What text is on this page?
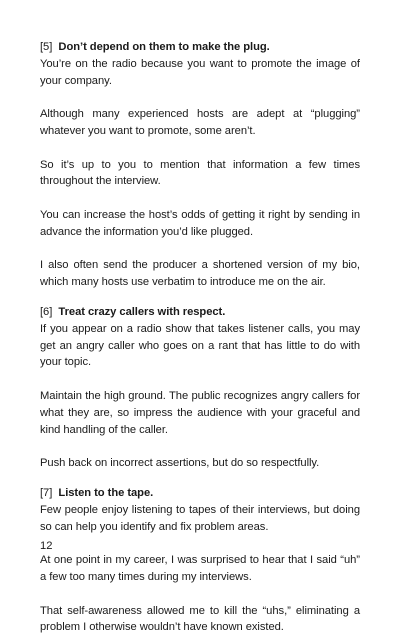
[5] Don’t depend on them to make the plug.

You’re on the radio because you want to promote the image of your company.

Although many experienced hosts are adept at “plugging” whatever you want to promote, some aren’t.

So it’s up to you to mention that information a few times throughout the interview.

You can increase the host’s odds of getting it right by sending in advance the information you’d like plugged.

I also often send the producer a shortened version of my bio, which many hosts use verbatim to introduce me on the air.

[6] Treat crazy callers with respect.

If you appear on a radio show that takes listener calls, you may get an angry caller who goes on a rant that has little to do with your topic.

Maintain the high ground. The public recognizes angry callers for what they are, so impress the audience with your graceful and kind handling of the caller.

Push back on incorrect assertions, but do so respectfully.

[7] Listen to the tape.

Few people enjoy listening to tapes of their interviews, but doing so can help you identify and fix problem areas.

At one point in my career, I was surprised to hear that I said “uh” a few too many times during my interviews.

That self-awareness allowed me to kill the “uhs,” eliminating a problem I otherwise wouldn’t have known existed.

12
